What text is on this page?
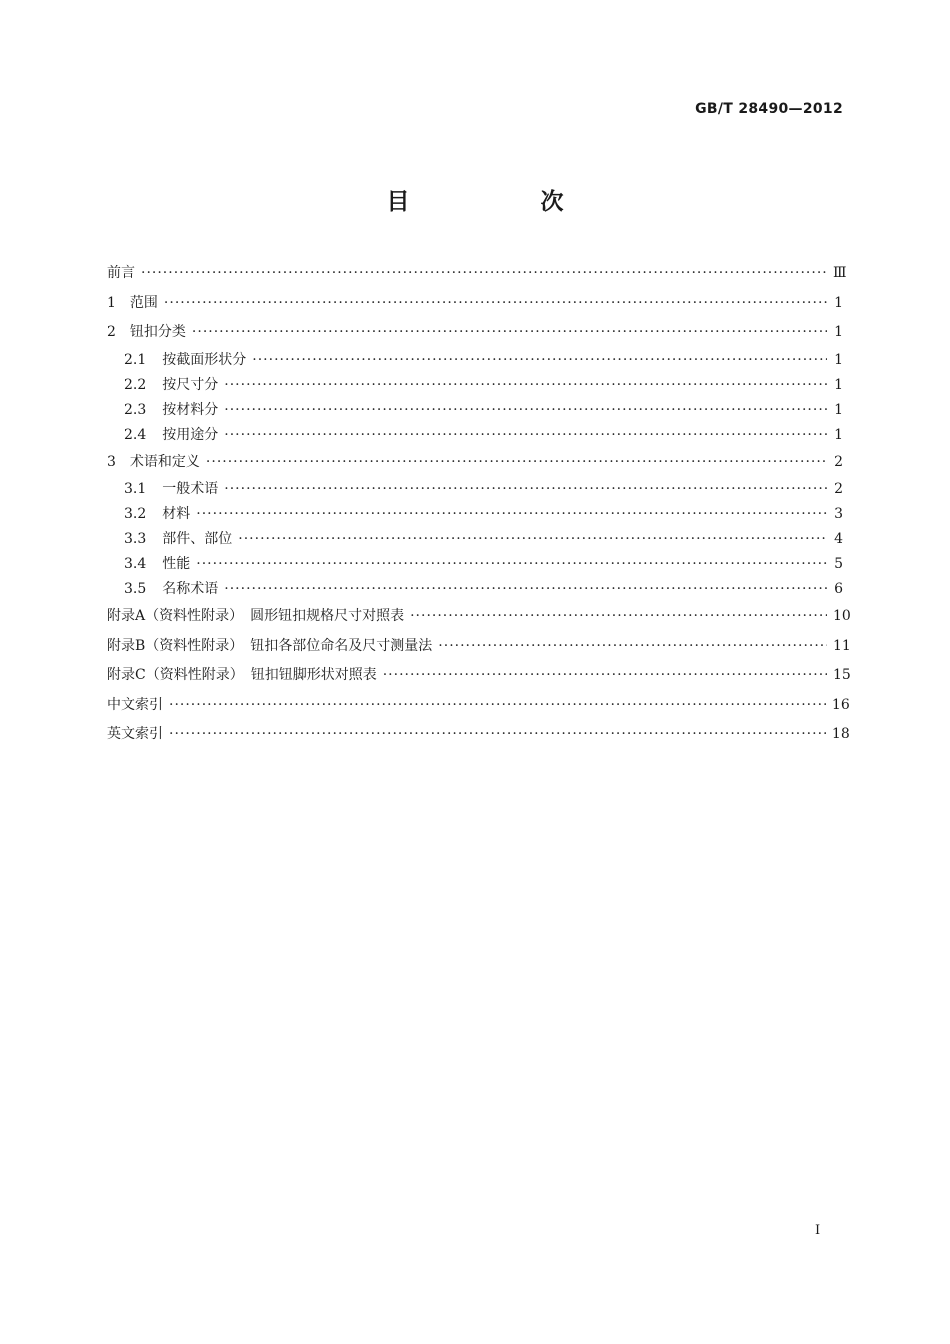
GB/T 28490—2012
目　次
前言 ·····	Ⅲ
1 范围 ·····	1
2 钮扣分类 ·····	1
2.1 按截面形状分 ·····	1
2.2 按尺寸分 ·····	1
2.3 按材料分 ·····	1
2.4 按用途分 ·····	1
3 术语和定义 ·····	2
3.1 一般术语 ·····	2
3.2 材料 ·····	3
3.3 部件、部位 ·····	4
3.4 性能 ·····	5
3.5 名称术语 ·····	6
附录A（资料性附录）　圆形钮扣规格尺寸对照表 ·····	10
附录B（资料性附录）　钮扣各部位命名及尺寸测量法 ·····	11
附录C（资料性附录）　钮扣钮脚形状对照表 ·····	15
中文索引 ·····	16
英文索引 ·····	18
I
